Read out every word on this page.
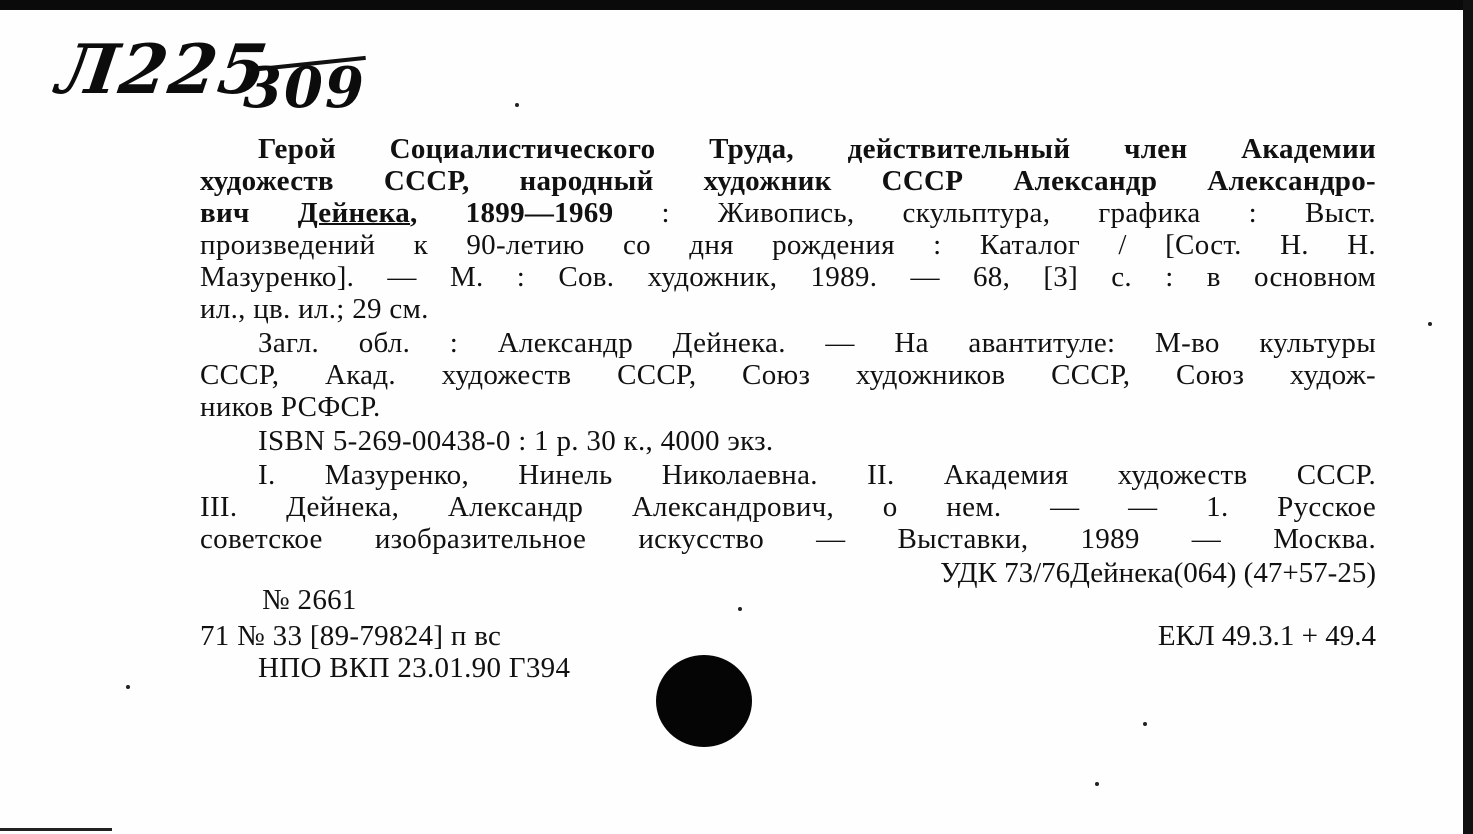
Л225
309
Герой Социалистического Труда, действительный член Академии
художеств СССР, народный художник СССР Александр Александро-
вич Дейнека, 1899—1969 : Живопись, скульптура, графика : Выст.
произведений к 90-летию со дня рождения : Каталог / [Сост. Н. Н.
Мазуренко]. — М. : Сов. художник, 1989. — 68, [3] с. : в основном
ил., цв. ил.; 29 см.
Загл. обл. : Александр Дейнека. — На авантитуле: М-во культуры
СССР, Акад. художеств СССР, Союз художников СССР, Союз худож-
ников РСФСР.
ISBN 5-269-00438-0 : 1 р. 30 к., 4000 экз.
I. Мазуренко, Нинель Николаевна. II. Академия художеств СССР.
III. Дейнека, Александр Александрович, о нем. — — 1. Русское
советское изобразительное искусство — Выставки, 1989 — Москва.
УДК 73/76Дейнека(064) (47+57-25)
№ 2661
71 № 33 [89-79824] п вс	ЕКЛ 49.3.1 + 49.4
НПО ВКП 23.01.90 Г394
